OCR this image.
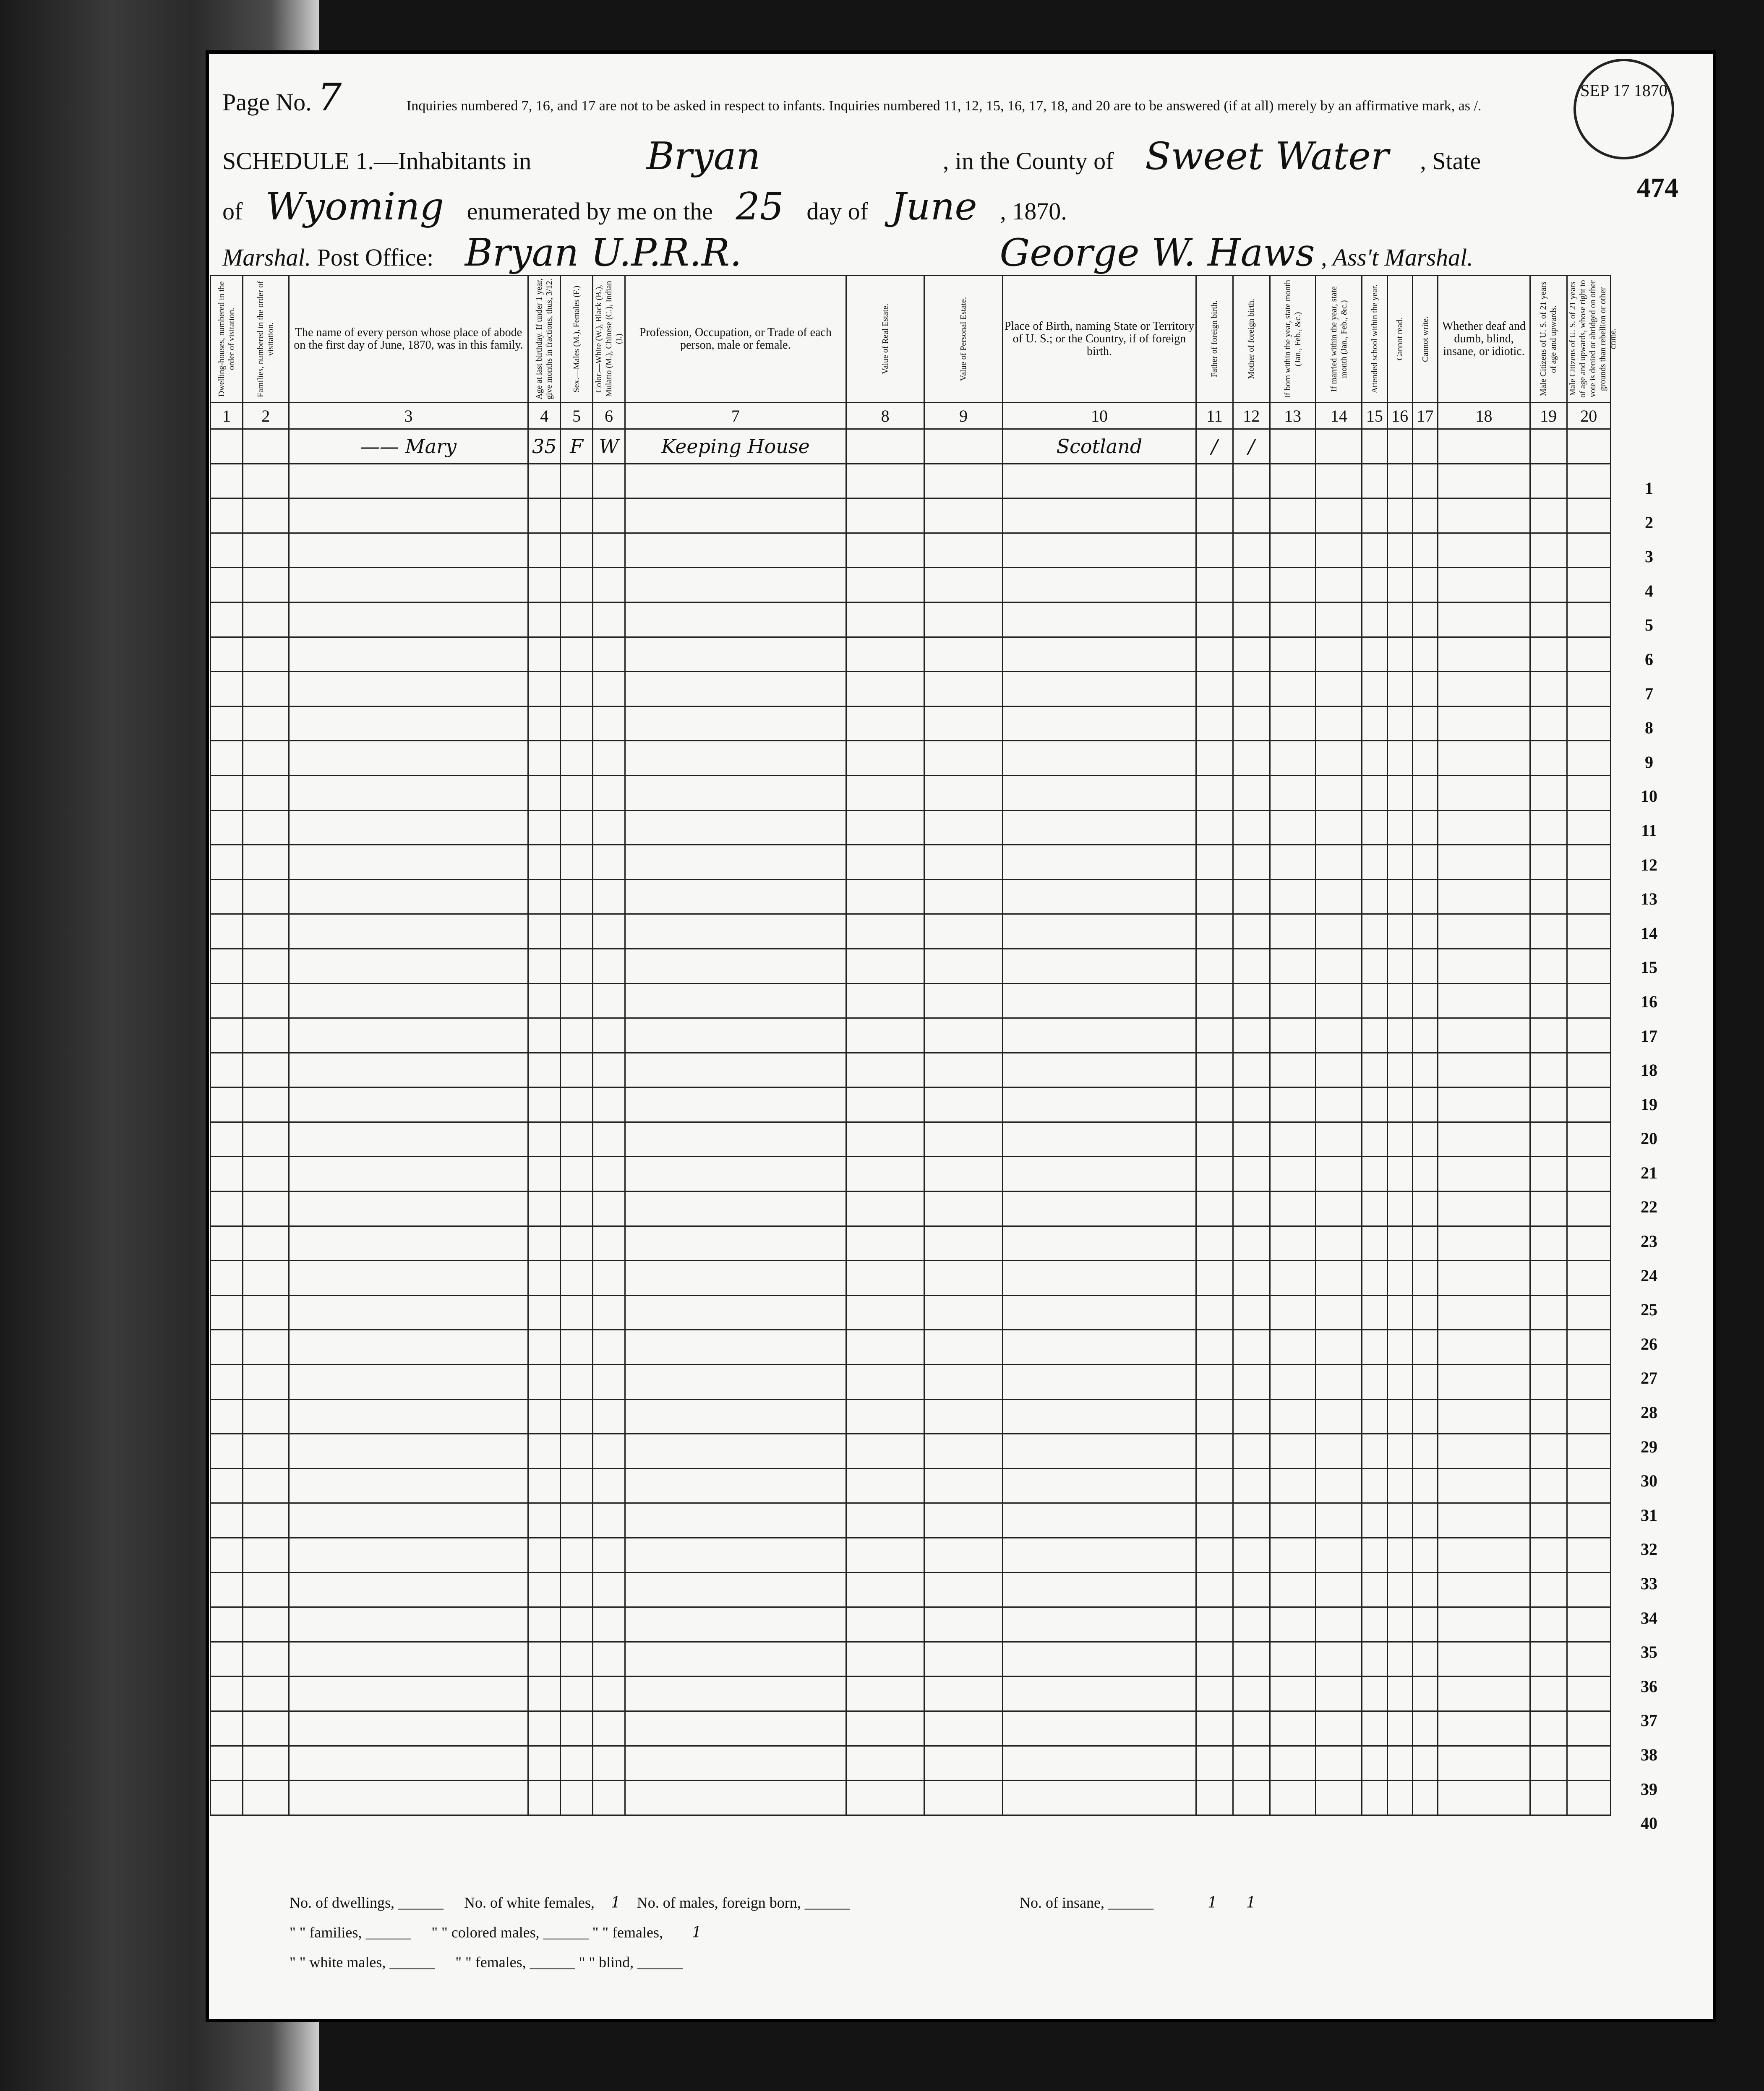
SEP 17 1870
Page No. 7	Inquiries numbered 7, 16, and 17 are not to be asked in respect to infants. Inquiries numbered 11, 12, 15, 16, 17, 18, and 20 are to be answered (if at all) merely by an affirmative mark, as /.
SCHEDULE 1.—Inhabitants in	Bryan	, in the County of Sweet Water , State
of Wyoming enumerated by me on the 25 day of June , 1870.
474
Marshal. Post Office: Bryan U.P.R.R.	George W. Haws , Ass't Marshal.
Dwelling-houses, numbered in the order of visitation.	Families, numbered in the order of visitation.	The name of every person whose place of abode on the first day of June, 1870, was in this family.	Age at last birthday. If under 1 year, give months in fractions, thus, 3/12.	Sex.—Males (M.), Females (F.)	Color.—White (W.), Black (B.), Mulatto (M.), Chinese (C.), Indian (I.)	Profession, Occupation, or Trade of each person, male or female.	Value of Real Estate.	Value of Personal Estate.	Place of Birth, naming State or Territory of U. S.; or the Country, if of foreign birth.	Father of foreign birth.	Mother of foreign birth.	If born within the year, state month (Jan., Feb., &c.)	If married within the year, state month (Jan., Feb., &c.)	Attended school within the year.	Cannot read.	Cannot write.	Whether deaf and dumb, blind, insane, or idiotic.	Male Citizens of U. S. of 21 years of age and upwards.	Male Citizens of U. S. of 21 years of age and upwards, whose right to vote is denied or abridged on other grounds than rebellion or other crime.

1	2	3	4	5	6	7	8	9	10	11	12	13	14	15	16	17	18	19	20
		—— Mary	35	F	W	Keeping House			Scotland	/	/								

1
2
3
4
5
6
7
8
9
10
11
12
13
14
15
16
17
18
19
20
21
22
23
24
25
26
27
28
29
30
31
32
33
34
35
36
37
38
39
40
No. of dwellings, ______ No. of white females, 1 No. of males, foreign born, ______
" " families, ______ " " colored males, ______ " " females, 1
" " white males, ______ " " females, ______ " " blind, ______
No. of insane, ______	1 1
